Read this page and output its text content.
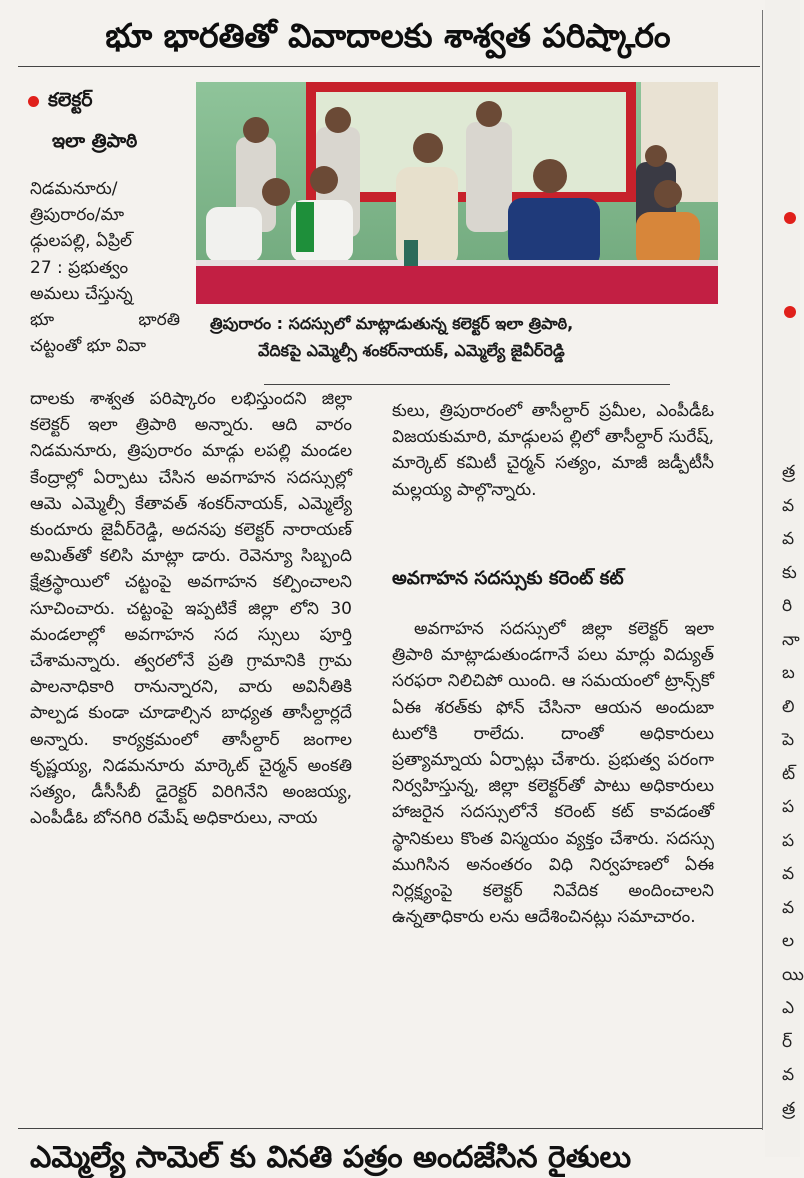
భూ భారతితో వివాదాలకు శాశ్వత పరిష్కారం
కలెక్టర్
ఇలా త్రిపాఠి

నిడమనూరు/

త్రిపురారం/మా

డ్గులపల్లి, ఏప్రిల్

27 : ప్రభుత్వం

అమలు చేస్తున్న

భూ భారతి

చట్టంతో భూ వివా

త్రిపురారం : సదస్సులో మాట్లాడుతున్న కలెక్టర్ ఇలా త్రిపాఠి,
వేదికపై ఎమ్మెల్సీ శంకర్‌నాయక్, ఎమ్మెల్యే జైవీర్‌రెడ్డి

దాలకు శాశ్వత పరిష్కారం లభిస్తుందని జిల్లా కలెక్టర్ ఇలా త్రిపాఠి అన్నారు. ఆది వారం నిడమనూరు, త్రిపురారం మాడ్గు లపల్లి మండల కేంద్రాల్లో ఏర్పాటు చేసిన అవగాహన సదస్సుల్లో ఆమె ఎమ్మెల్సీ కేతావత్ శంకర్‌నాయక్, ఎమ్మెల్యే కుందూరు జైవీర్‌రెడ్డి, అదనపు కలెక్టర్ నారాయణ్ అమిత్‌తో కలిసి మాట్లా డారు. రెవెన్యూ సిబ్బంది క్షేత్రస్థాయిలో చట్టంపై అవగాహన కల్పించాలని సూచించారు. చట్టంపై ఇప్పటికే జిల్లా లోని 30 మండలాల్లో అవగాహన సద స్సులు పూర్తి చేశామన్నారు. త్వరలోనే ప్రతి గ్రామానికి గ్రామ పాలనాధికారి రానున్నారని, వారు అవినీతికి పాల్పడ కుండా చూడాల్సిన బాధ్యత తాసీల్దార్లదే అన్నారు. కార్యక్రమంలో తాసీల్దార్ జంగాల కృష్ణయ్య, నిడమనూరు మార్కెట్ చైర్మన్ అంకతి సత్యం, డీసీసీబీ డైరెక్టర్ విరిగినేని అంజయ్య, ఎంపీడీఓ బోనగిరి రమేష్ అధికారులు, నాయ

కులు, త్రిపురారంలో తాసీల్దార్ ప్రమీల, ఎంపీడీఓ విజయకుమారి, మాడ్గులప ల్లిలో తాసీల్దార్ సురేష్, మార్కెట్ కమిటీ చైర్మన్ సత్యం, మాజీ జడ్పీటీసీ మల్లయ్య పాల్గొన్నారు.

అవగాహన సదస్సుకు కరెంట్ కట్

అవగాహన సదస్సులో జిల్లా కలెక్టర్ ఇలా త్రిపాఠి మాట్లాడుతుండగానే పలు మార్లు విద్యుత్ సరఫరా నిలిచిపో యింది. ఆ సమయంలో ట్రాన్స్‌కో ఏఈ శరత్‌కు ఫోన్ చేసినా ఆయన అందుబా టులోకి రాలేదు. దాంతో అధికారులు ప్రత్యామ్నాయ ఏర్పాట్లు చేశారు. ప్రభుత్వ పరంగా నిర్వహిస్తున్న, జిల్లా కలెక్టర్‌తో పాటు అధికారులు హాజరైన సదస్సులోనే కరెంట్ కట్ కావడంతో స్థానికులు కొంత విస్మయం వ్యక్తం చేశారు. సదస్సు ముగిసిన అనంతరం విధి నిర్వహణలో ఏఈ నిర్లక్ష్యంపై కలెక్టర్ నివేదిక అందించాలని ఉన్నతాధికారు లను ఆదేశించినట్లు సమాచారం.

త్ర
వ
వ
కు
రి
నా
బ
లి
పె
ట్
ప
ప
వ
వ
ల
యి
ఎ
ర్
వ
త్ర
ఎమ్మెల్యే సామెల్ కు వినతి పత్రం అందజేసిన రైతులు
